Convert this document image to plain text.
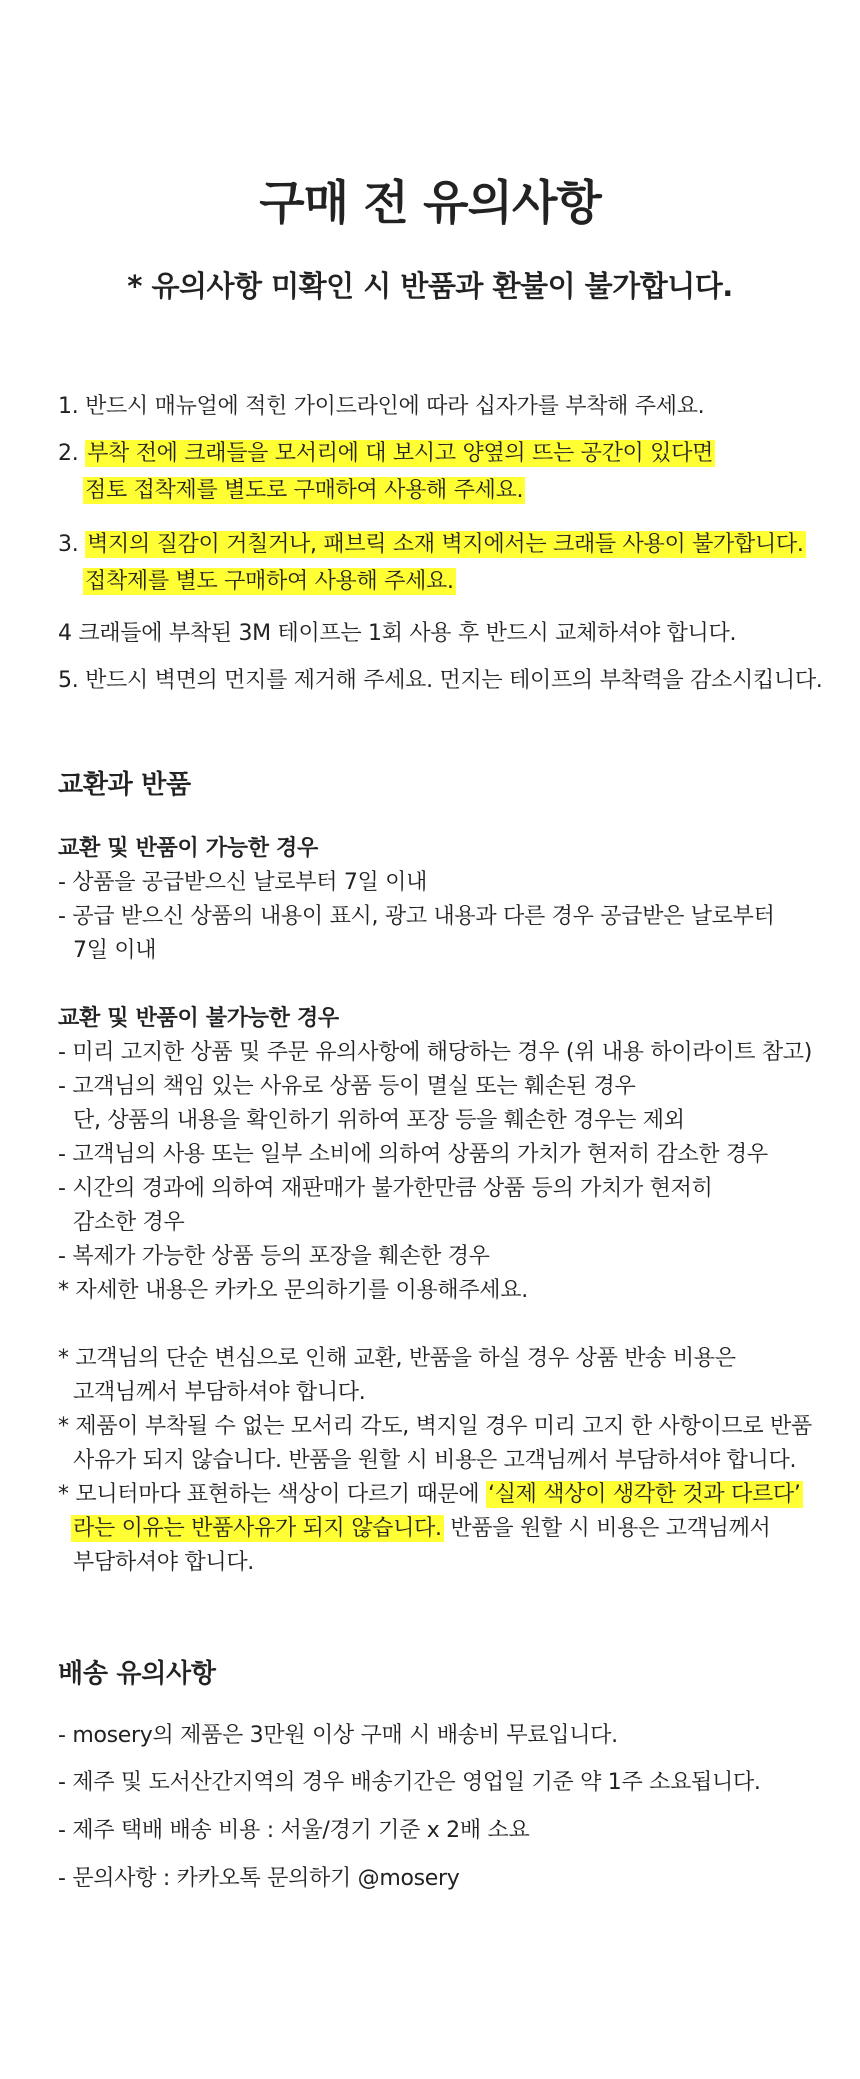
구매 전 유의사항
* 유의사항 미확인 시 반품과 환불이 불가합니다.
1. 반드시 매뉴얼에 적힌 가이드라인에 따라 십자가를 부착해 주세요.
2. 부착 전에 크래들을 모서리에 대 보시고 양옆의 뜨는 공간이 있다면
점토 접착제를 별도로 구매하여 사용해 주세요.
3. 벽지의 질감이 거칠거나, 패브릭 소재 벽지에서는 크래들 사용이 불가합니다.
접착제를 별도 구매하여 사용해 주세요.
4 크래들에 부착된 3M 테이프는 1회 사용 후 반드시 교체하셔야 합니다.
5. 반드시 벽면의 먼지를 제거해 주세요. 먼지는 테이프의 부착력을 감소시킵니다.
교환과 반품
교환 및 반품이 가능한 경우
- 상품을 공급받으신 날로부터 7일 이내
- 공급 받으신 상품의 내용이 표시, 광고 내용과 다른 경우 공급받은 날로부터
7일 이내
교환 및 반품이 불가능한 경우
- 미리 고지한 상품 및 주문 유의사항에 해당하는 경우 (위 내용 하이라이트 참고)
- 고객님의 책임 있는 사유로 상품 등이 멸실 또는 훼손된 경우
단, 상품의 내용을 확인하기 위하여 포장 등을 훼손한 경우는 제외
- 고객님의 사용 또는 일부 소비에 의하여 상품의 가치가 현저히 감소한 경우
- 시간의 경과에 의하여 재판매가 불가한만큼 상품 등의 가치가 현저히
감소한 경우
- 복제가 가능한 상품 등의 포장을 훼손한 경우
* 자세한 내용은 카카오 문의하기를 이용해주세요.
* 고객님의 단순 변심으로 인해 교환, 반품을 하실 경우 상품 반송 비용은
고객님께서 부담하셔야 합니다.
* 제품이 부착될 수 없는 모서리 각도, 벽지일 경우 미리 고지 한 사항이므로 반품
사유가 되지 않습니다. 반품을 원할 시 비용은 고객님께서 부담하셔야 합니다.
* 모니터마다 표현하는 색상이 다르기 때문에 ‘실제 색상이 생각한 것과 다르다’
라는 이유는 반품사유가 되지 않습니다. 반품을 원할 시 비용은 고객님께서
부담하셔야 합니다.
배송 유의사항
- mosery의 제품은 3만원 이상 구매 시 배송비 무료입니다.
- 제주 및 도서산간지역의 경우 배송기간은 영업일 기준 약 1주 소요됩니다.
- 제주 택배 배송 비용 : 서울/경기 기준 x 2배 소요
- 문의사항 : 카카오톡 문의하기 @mosery
